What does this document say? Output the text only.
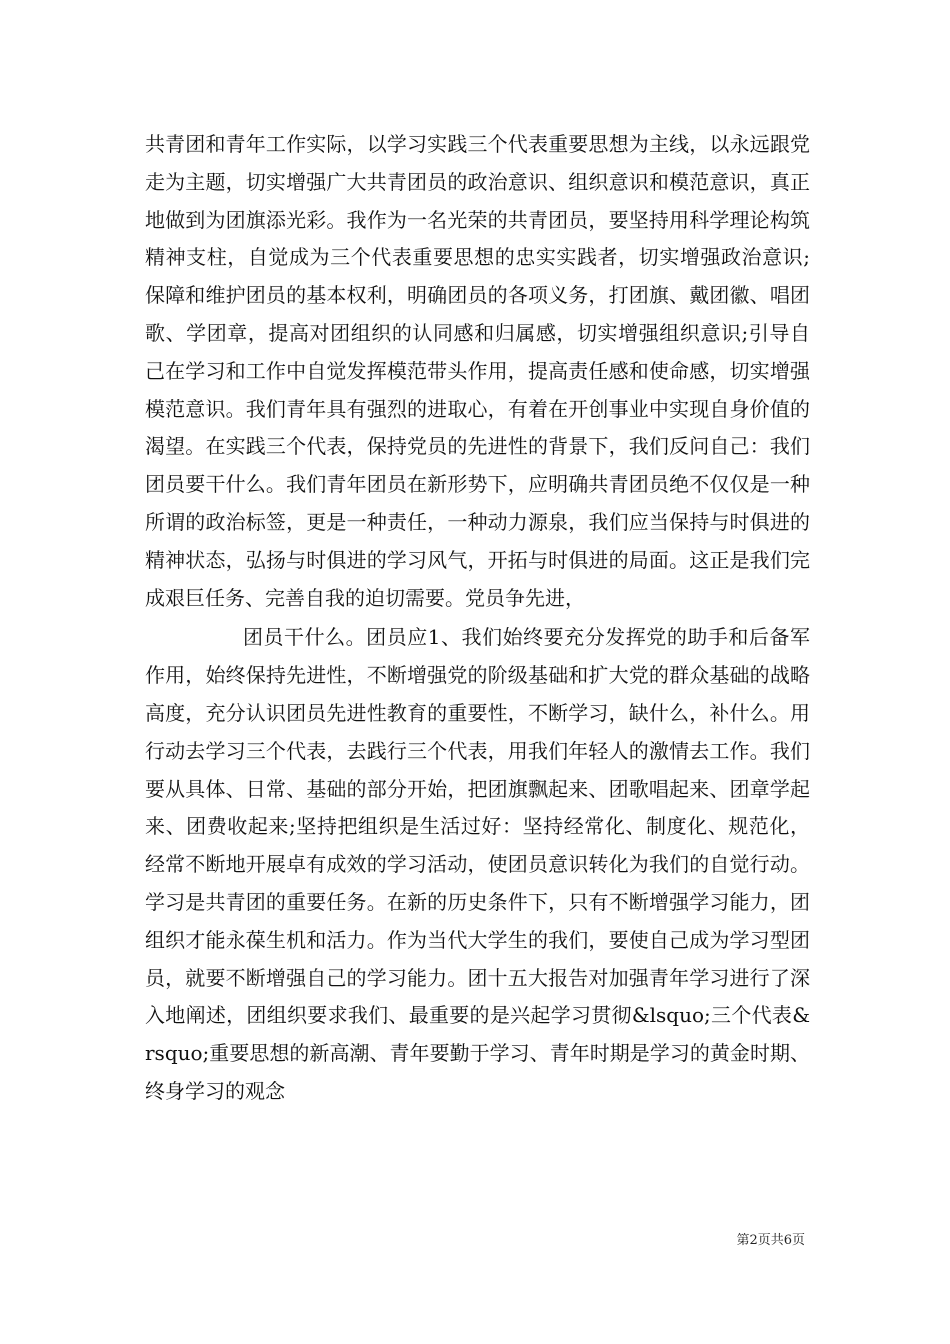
共青团和青年工作实际，以学习实践三个代表重要思想为主线，以永远跟党走为主题，切实增强广大共青团员的政治意识、组织意识和模范意识，真正地做到为团旗添光彩。我作为一名光荣的共青团员，要坚持用科学理论构筑精神支柱，自觉成为三个代表重要思想的忠实实践者，切实增强政治意识;保障和维护团员的基本权利，明确团员的各项义务，打团旗、戴团徽、唱团歌、学团章，提高对团组织的认同感和归属感，切实增强组织意识;引导自己在学习和工作中自觉发挥模范带头作用，提高责任感和使命感，切实增强模范意识。我们青年具有强烈的进取心，有着在开创事业中实现自身价值的渴望。在实践三个代表，保持党员的先进性的背景下，我们反问自己：我们团员要干什么。我们青年团员在新形势下，应明确共青团员绝不仅仅是一种所谓的政治标签，更是一种责任，一种动力源泉，我们应当保持与时俱进的精神状态，弘扬与时俱进的学习风气，开拓与时俱进的局面。这正是我们完成艰巨任务、完善自我的迫切需要。党员争先进，

团员干什么。团员应1、我们始终要充分发挥党的助手和后备军作用，始终保持先进性，不断增强党的阶级基础和扩大党的群众基础的战略高度，充分认识团员先进性教育的重要性，不断学习，缺什么，补什么。用行动去学习三个代表，去践行三个代表，用我们年轻人的激情去工作。我们要从具体、日常、基础的部分开始，把团旗飘起来、团歌唱起来、团章学起来、团费收起来;坚持把组织是生活过好：坚持经常化、制度化、规范化，经常不断地开展卓有成效的学习活动，使团员意识转化为我们的自觉行动。学习是共青团的重要任务。在新的历史条件下，只有不断增强学习能力，团组织才能永葆生机和活力。作为当代大学生的我们，要使自己成为学习型团员，就要不断增强自己的学习能力。团十五大报告对加强青年学习进行了深入地阐述，团组织要求我们、最重要的是兴起学习贯彻&lsquo;三个代表&rsquo;重要思想的新高潮、青年要勤于学习、青年时期是学习的黄金时期、终身学习的观念

第2页共6页
